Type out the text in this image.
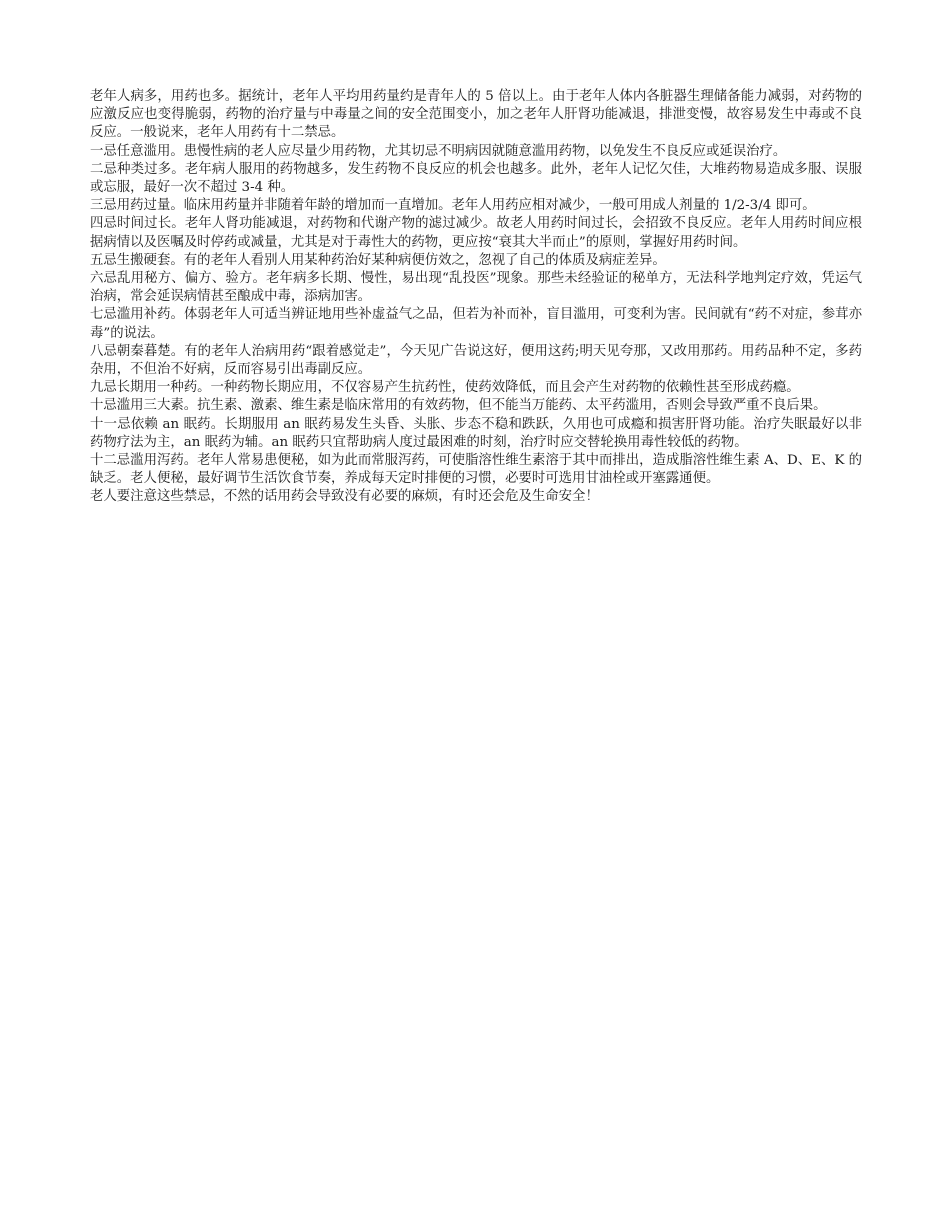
老年人病多，用药也多。据统计，老年人平均用药量约是青年人的 5 倍以上。由于老年人体内各脏器生理储备能力减弱，对药物的应激反应也变得脆弱，药物的治疗量与中毒量之间的安全范围变小，加之老年人肝肾功能减退，排泄变慢，故容易发生中毒或不良反应。一般说来，老年人用药有十二禁忌。

一忌任意滥用。患慢性病的老人应尽量少用药物，尤其切忌不明病因就随意滥用药物，以免发生不良反应或延误治疗。

二忌种类过多。老年病人服用的药物越多，发生药物不良反应的机会也越多。此外，老年人记忆欠佳，大堆药物易造成多服、误服或忘服，最好一次不超过 3-4 种。

三忌用药过量。临床用药量并非随着年龄的增加而一直增加。老年人用药应相对减少，一般可用成人剂量的 1/2-3/4 即可。

四忌时间过长。老年人肾功能减退，对药物和代谢产物的滤过减少。故老人用药时间过长，会招致不良反应。老年人用药时间应根据病情以及医嘱及时停药或减量，尤其是对于毒性大的药物，更应按“衰其大半而止”的原则，掌握好用药时间。

五忌生搬硬套。有的老年人看别人用某种药治好某种病便仿效之，忽视了自己的体质及病症差异。

六忌乱用秘方、偏方、验方。老年病多长期、慢性，易出现“乱投医”现象。那些未经验证的秘单方，无法科学地判定疗效，凭运气治病，常会延误病情甚至酿成中毒，添病加害。

七忌滥用补药。体弱老年人可适当辨证地用些补虚益气之品，但若为补而补，盲目滥用，可变利为害。民间就有“药不对症，参茸亦毒”的说法。

八忌朝秦暮楚。有的老年人治病用药“跟着感觉走”，今天见广告说这好，便用这药;明天见夸那，又改用那药。用药品种不定，多药杂用，不但治不好病，反而容易引出毒副反应。

九忌长期用一种药。一种药物长期应用，不仅容易产生抗药性，使药效降低，而且会产生对药物的依赖性甚至形成药瘾。

十忌滥用三大素。抗生素、激素、维生素是临床常用的有效药物，但不能当万能药、太平药滥用，否则会导致严重不良后果。

十一忌依赖 an 眠药。长期服用 an 眠药易发生头昏、头胀、步态不稳和跌跃，久用也可成瘾和损害肝肾功能。治疗失眠最好以非药物疗法为主，an 眠药为辅。an 眠药只宜帮助病人度过最困难的时刻，治疗时应交替轮换用毒性较低的药物。

十二忌滥用泻药。老年人常易患便秘，如为此而常服泻药，可使脂溶性维生素溶于其中而排出，造成脂溶性维生素 A、D、E、K 的缺乏。老人便秘，最好调节生活饮食节奏，养成每天定时排便的习惯，必要时可选用甘油栓或开塞露通便。

老人要注意这些禁忌，不然的话用药会导致没有必要的麻烦，有时还会危及生命安全！
